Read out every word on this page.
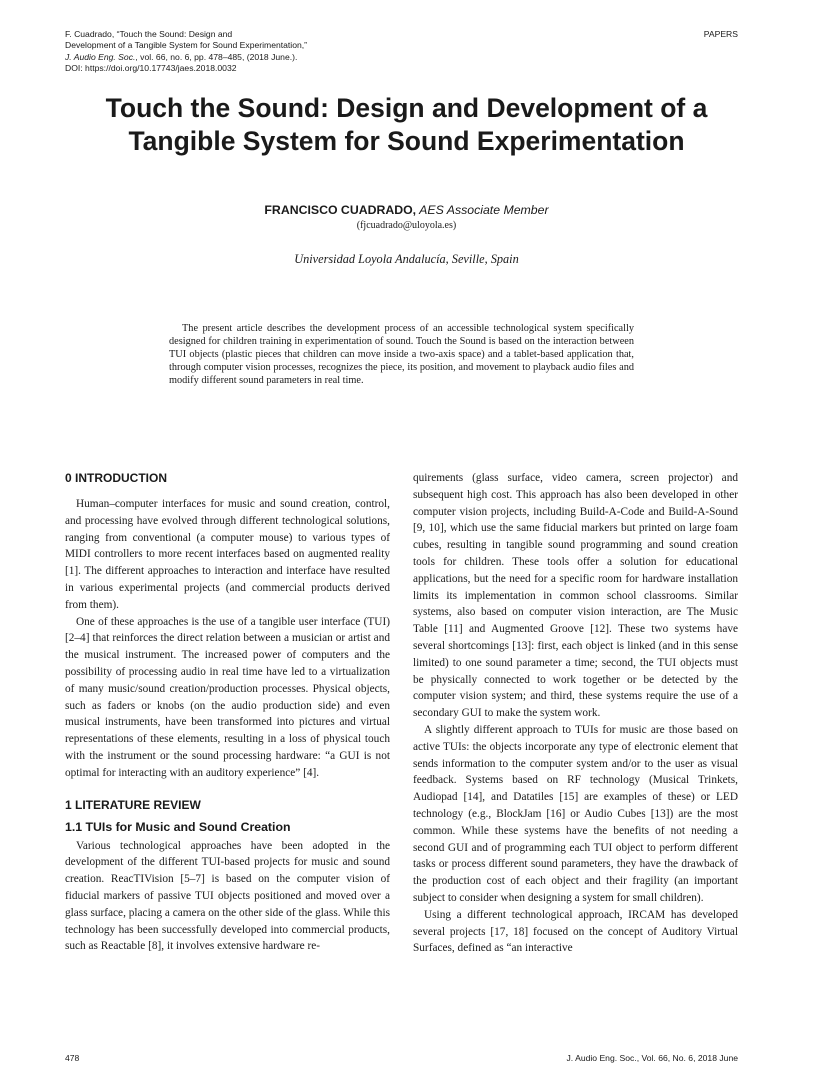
F. Cuadrado, “Touch the Sound: Design and
Development of a Tangible System for Sound Experimentation,”
J. Audio Eng. Soc., vol. 66, no. 6, pp. 478–485, (2018 June.).
DOI: https://doi.org/10.17743/jaes.2018.0032
PAPERS
Touch the Sound: Design and Development of a Tangible System for Sound Experimentation
FRANCISCO CUADRADO, AES Associate Member
(fjcuadrado@uloyola.es)
Universidad Loyola Andalucía, Seville, Spain

The present article describes the development process of an accessible technological system specifically designed for children training in experimentation of sound. Touch the Sound is based on the interaction between TUI objects (plastic pieces that children can move inside a two-axis space) and a tablet-based application that, through computer vision processes, recognizes the piece, its position, and movement to playback audio files and modify different sound parameters in real time.

0 INTRODUCTION

Human–computer interfaces for music and sound creation, control, and processing have evolved through different technological solutions, ranging from conventional (a computer mouse) to various types of MIDI controllers to more recent interfaces based on augmented reality [1]. The different approaches to interaction and interface have resulted in various experimental projects (and commercial products derived from them).

One of these approaches is the use of a tangible user interface (TUI) [2–4] that reinforces the direct relation between a musician or artist and the musical instrument. The increased power of computers and the possibility of processing audio in real time have led to a virtualization of many music/sound creation/production processes. Physical objects, such as faders or knobs (on the audio production side) and even musical instruments, have been transformed into pictures and virtual representations of these elements, resulting in a loss of physical touch with the instrument or the sound processing hardware: “a GUI is not optimal for interacting with an auditory experience” [4].

1 LITERATURE REVIEW
1.1 TUIs for Music and Sound Creation

Various technological approaches have been adopted in the development of the different TUI-based projects for music and sound creation. ReacTIVision [5–7] is based on the computer vision of fiducial markers of passive TUI objects positioned and moved over a glass surface, placing a camera on the other side of the glass. While this technology has been successfully developed into commercial products, such as Reactable [8], it involves extensive hardware re-

quirements (glass surface, video camera, screen projector) and subsequent high cost. This approach has also been developed in other computer vision projects, including Build-A-Code and Build-A-Sound [9, 10], which use the same fiducial markers but printed on large foam cubes, resulting in tangible sound programming and sound creation tools for children. These tools offer a solution for educational applications, but the need for a specific room for hardware installation limits its implementation in common school classrooms. Similar systems, also based on computer vision interaction, are The Music Table [11] and Augmented Groove [12]. These two systems have several shortcomings [13]: first, each object is linked (and in this sense limited) to one sound parameter a time; second, the TUI objects must be physically connected to work together or be detected by the computer vision system; and third, these systems require the use of a secondary GUI to make the system work.

A slightly different approach to TUIs for music are those based on active TUIs: the objects incorporate any type of electronic element that sends information to the computer system and/or to the user as visual feedback. Systems based on RF technology (Musical Trinkets, Audiopad [14], and Datatiles [15] are examples of these) or LED technology (e.g., BlockJam [16] or Audio Cubes [13]) are the most common. While these systems have the benefits of not needing a second GUI and of programming each TUI object to perform different tasks or process different sound parameters, they have the drawback of the production cost of each object and their fragility (an important subject to consider when designing a system for small children).

Using a different technological approach, IRCAM has developed several projects [17, 18] focused on the concept of Auditory Virtual Surfaces, defined as “an interactive

478	J. Audio Eng. Soc., Vol. 66, No. 6, 2018 June
